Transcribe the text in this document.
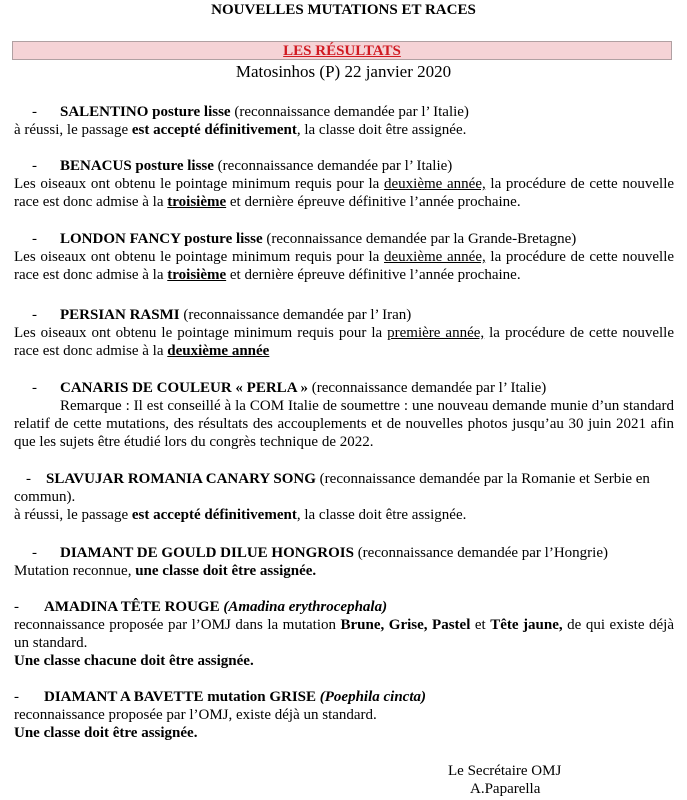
NOUVELLES MUTATIONS ET RACES
LES RÉSULTATS
Matosinhos (P) 22 janvier 2020

- SALENTINO posture lisse (reconnaissance demandée par l’ Italie)

à réussi, le passage est accepté définitivement, la classe doit être assignée.

- BENACUS posture lisse (reconnaissance demandée par l’ Italie)

Les oiseaux ont obtenu le pointage minimum requis pour la deuxième année, la procédure de cette nouvelle race est donc admise à la troisième et dernière épreuve définitive l’année prochaine.

- LONDON FANCY posture lisse (reconnaissance demandée par la Grande-Bretagne)

Les oiseaux ont obtenu le pointage minimum requis pour la deuxième année, la procédure de cette nouvelle race est donc admise à la troisième et dernière épreuve définitive l’année prochaine.

- PERSIAN RASMI (reconnaissance demandée par l’ Iran)

Les oiseaux ont obtenu le pointage minimum requis pour la première année, la procédure de cette nouvelle race est donc admise à la deuxième année

- CANARIS DE COULEUR « PERLA » (reconnaissance demandée par l’ Italie)

Remarque : Il est conseillé à la COM Italie de soumettre : une nouveau demande munie d’un standard relatif de cette mutations, des résultats des accouplements et de nouvelles photos jusqu’au 30 juin 2021 afin que les sujets être étudié lors du congrès technique de 2022.

- SLAVUJAR ROMANIA CANARY SONG (reconnaissance demandée par la Romanie et Serbie en commun).

à réussi, le passage est accepté définitivement, la classe doit être assignée.

- DIAMANT DE GOULD DILUE HONGROIS (reconnaissance demandée par l’Hongrie)

Mutation reconnue, une classe doit être assignée.

- AMADINA TÊTE ROUGE (Amadina erythrocephala)

reconnaissance proposée par l’OMJ dans la mutation Brune, Grise, Pastel et Tête jaune, de qui existe déjà un standard.

Une classe chacune doit être assignée.

- DIAMANT A BAVETTE mutation GRISE (Poephila cincta)

reconnaissance proposée par l’OMJ, existe déjà un standard.

Une classe doit être assignée.

Le Secrétaire OMJ

A.Paparella
